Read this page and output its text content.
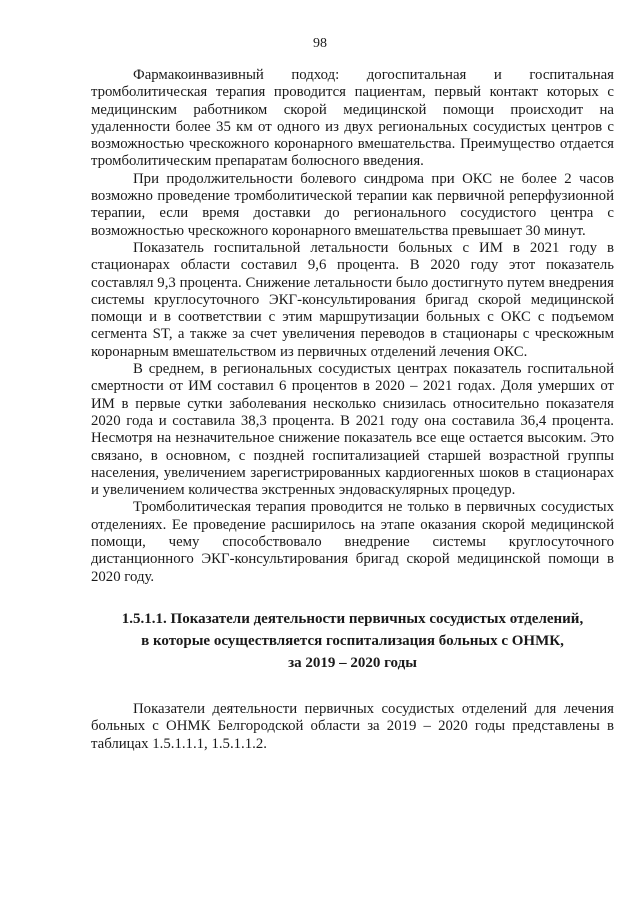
98

Фармакоинвазивный подход: догоспитальная и госпитальная тромболитическая терапия проводится пациентам, первый контакт которых с медицинским работником скорой медицинской помощи происходит на удаленности более 35 км от одного из двух региональных сосудистых центров с возможностью чрескожного коронарного вмешательства. Преимущество отдается тромболитическим препаратам болюсного введения.

При продолжительности болевого синдрома при ОКС не более 2 часов возможно проведение тромболитической терапии как первичной реперфузионной терапии, если время доставки до регионального сосудистого центра с возможностью чрескожного коронарного вмешательства превышает 30 минут.

Показатель госпитальной летальности больных с ИМ в 2021 году в стационарах области составил 9,6 процента. В 2020 году этот показатель составлял 9,3 процента. Снижение летальности было достигнуто путем внедрения системы круглосуточного ЭКГ-консультирования бригад скорой медицинской помощи и в соответствии с этим маршрутизации больных с ОКС с подъемом сегмента ST, а также за счет увеличения переводов в стационары с чрескожным коронарным вмешательством из первичных отделений лечения ОКС.

В среднем, в региональных сосудистых центрах показатель госпитальной смертности от ИМ составил 6 процентов в 2020 – 2021 годах. Доля умерших от ИМ в первые сутки заболевания несколько снизилась относительно показателя 2020 года и составила 38,3 процента. В 2021 году она составила 36,4 процента. Несмотря на незначительное снижение показатель все еще остается высоким. Это связано, в основном, с поздней госпитализацией старшей возрастной группы населения, увеличением зарегистрированных кардиогенных шоков в стационарах и увеличением количества экстренных эндоваскулярных процедур.

Тромболитическая терапия проводится не только в первичных сосудистых отделениях. Ее проведение расширилось на этапе оказания скорой медицинской помощи, чему способствовало внедрение системы круглосуточного дистанционного ЭКГ-консультирования бригад скорой медицинской помощи в 2020 году.

1.5.1.1. Показатели деятельности первичных сосудистых отделений,

в которые осуществляется госпитализация больных с ОНМК,

за 2019 – 2020 годы

Показатели деятельности первичных сосудистых отделений для лечения больных с ОНМК Белгородской области за 2019 – 2020 годы представлены в таблицах 1.5.1.1.1, 1.5.1.1.2.
